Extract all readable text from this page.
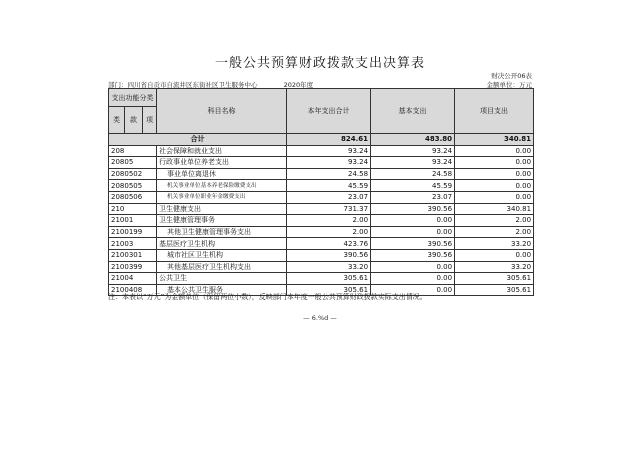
一般公共预算财政拨款支出决算表
部门：四川省自贡市自流井区东街社区卫生服务中心	2020年度
财决公开06表
金额单位：万元
支出功能分类			科目名称	本年支出合计	基本支出	项目支出
类	款	项				
合计				824.61	483.80	340.81
208			社会保障和就业支出	93.24	93.24	0.00
20805			行政事业单位养老支出	93.24	93.24	0.00
2080502			事业单位离退休	24.58	24.58	0.00
2080505			机关事业单位基本养老保险缴费支出	45.59	45.59	0.00
2080506			机关事业单位职业年金缴费支出	23.07	23.07	0.00
210			卫生健康支出	731.37	390.56	340.81
21001			卫生健康管理事务	2.00	0.00	2.00
2100199			其他卫生健康管理事务支出	2.00	0.00	2.00
21003			基层医疗卫生机构	423.76	390.56	33.20
2100301			城市社区卫生机构	390.56	390.56	0.00
2100399			其他基层医疗卫生机构支出	33.20	0.00	33.20
21004			公共卫生	305.61	0.00	305.61
2100408			基本公共卫生服务	305.61	0.00	305.61
注：本表以“万元”为金额单位（保留两位小数），反映部门本年度一般公共预算财政拨款实际支出情况。
— 6.%d —
